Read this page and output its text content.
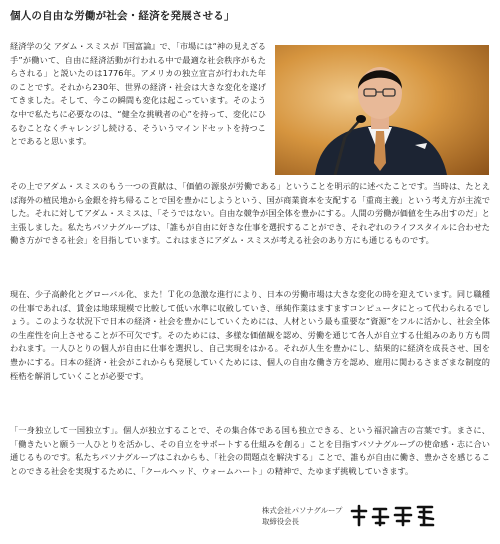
個人の自由な労働が社会・経済を発展させる」

経済学の父 アダム・スミスが『国富論』で、「市場には“神の見えざる手”が働いて、自由に経済活動が行われる中で最適な社会秩序がもたらされる」と説いたのは1776年。アメリカの独立宣言が行われた年のことです。それから230年、世界の経済・社会は大きな変化を遂げてきました。そして、今この瞬間も変化は起こっています。そのような中で私たちに必要なのは、“健全な挑戦者の心”を持って、変化にひるむことなくチャレンジし続ける、そういうマインドセットを持つことであると思います。

その上でアダム・スミスのもう一つの貢献は、「価値の源泉が労働である」ということを明示的に述べたことです。当時は、たとえば海外の植民地から金銀を持ち帰ることで国を豊かにしようという、国が商業資本を支配する「重商主義」という考え方が主流でした。それに対してアダム・スミスは、「そうではない。自由な競争が国全体を豊かにする。人間の労働が価値を生み出すのだ」と主張しました。私たちパソナグループは、「誰もが自由に好きな仕事を選択することができ、それぞれのライフスタイルに合わせた働き方ができる社会」を目指しています。これはまさにアダム・スミスが考える社会のあり方にも通じるものです。

現在、少子高齢化とグローバル化、また！Ｔ化の急激な進行により、日本の労働市場は大きな変化の時を迎えています。同じ職種の仕事であれば、賃金は地球規模で比較して低い水準に収斂していき、単純作業はますますコンピュータにとって代わられるでしょう。このような状況下で日本の経済・社会を豊かにしていくためには、人材という最も重要な“資源”をフルに活かし、社会全体の生産性を向上させることが不可欠です。そのためには、多様な価値観を認め、労働を通じて各人が自立する仕組みのあり方も問われます。一人ひとりの個人が自由に仕事を選択し、自己実現をはかる。それが人生を豊かにし、結果的に経済を成長させ、国を豊かにする。日本の経済・社会がこれからも発展していくためには、個人の自由な働き方を認め、雇用に関わるさまざまな制度的桎梏を解消していくことが必要です。

「一身独立して一国独立す」。個人が独立することで、その集合体である国も独立できる、という福沢諭吉の言葉です。まさに、「働きたいと願う一人ひとりを活かし、その自立をサポートする仕組みを創る」ことを目指すパソナグループの使命感・志に合い通じるものです。私たちパソナグループはこれからも、「社会の問題点を解決する」ことで、誰もが自由に働き、豊かさを感じることのできる社会を実現するために、「クールヘッド、ウォームハート」の精神で、たゆまず挑戦していきます。

株式会社パソナグループ
取締役会長
